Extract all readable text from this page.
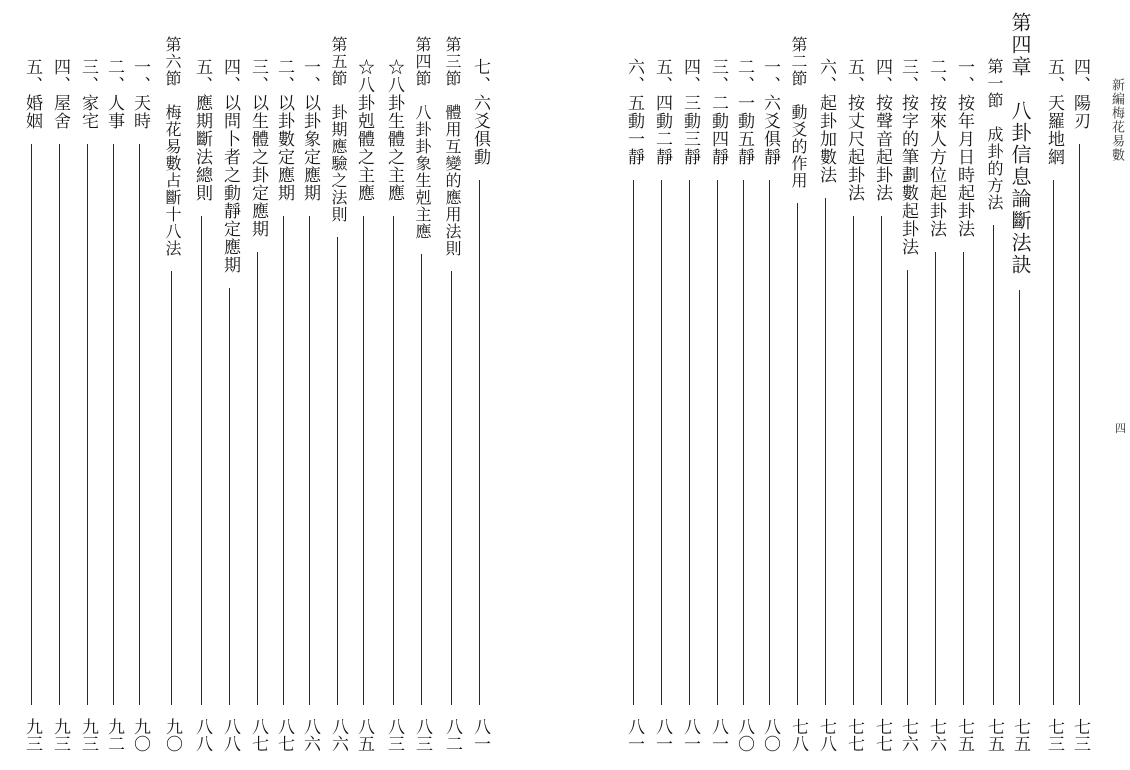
新編梅花易數
四
四、陽刃
七三
五、天羅地網
七三
第四章　八卦信息論斷法訣
七五
第一節　成卦的方法
七五
一、按年月日時起卦法
七五
二、按來人方位起卦法
七六
三、按字的筆劃數起卦法
七六
四、按聲音起卦法
七七
五、按丈尺起卦法
七七
六、起卦加數法
七八
第二節　動爻的作用
七八
一、六爻俱靜
八〇
二、一動五靜
八〇
三、二動四靜
八一
四、三動三靜
八一
五、四動二靜
八一
六、五動一靜
八一
七、六爻俱動
八一
第三節　體用互變的應用法則
八二
第四節　八卦卦象生剋主應
八三
☆八卦生體之主應
八三
☆八卦剋體之主應
八五
第五節　卦期應驗之法則
八六
一、以卦象定應期
八六
二、以卦數定應期
八七
三、以生體之卦定應期
八七
四、以問卜者之動靜定應期
八八
五、應期斷法總則
八八
第六節　梅花易數占斷十八法
九〇
一、天時
九〇
二、人事
九二
三、家宅
九三
四、屋舍
九三
五、婚姻
九三
